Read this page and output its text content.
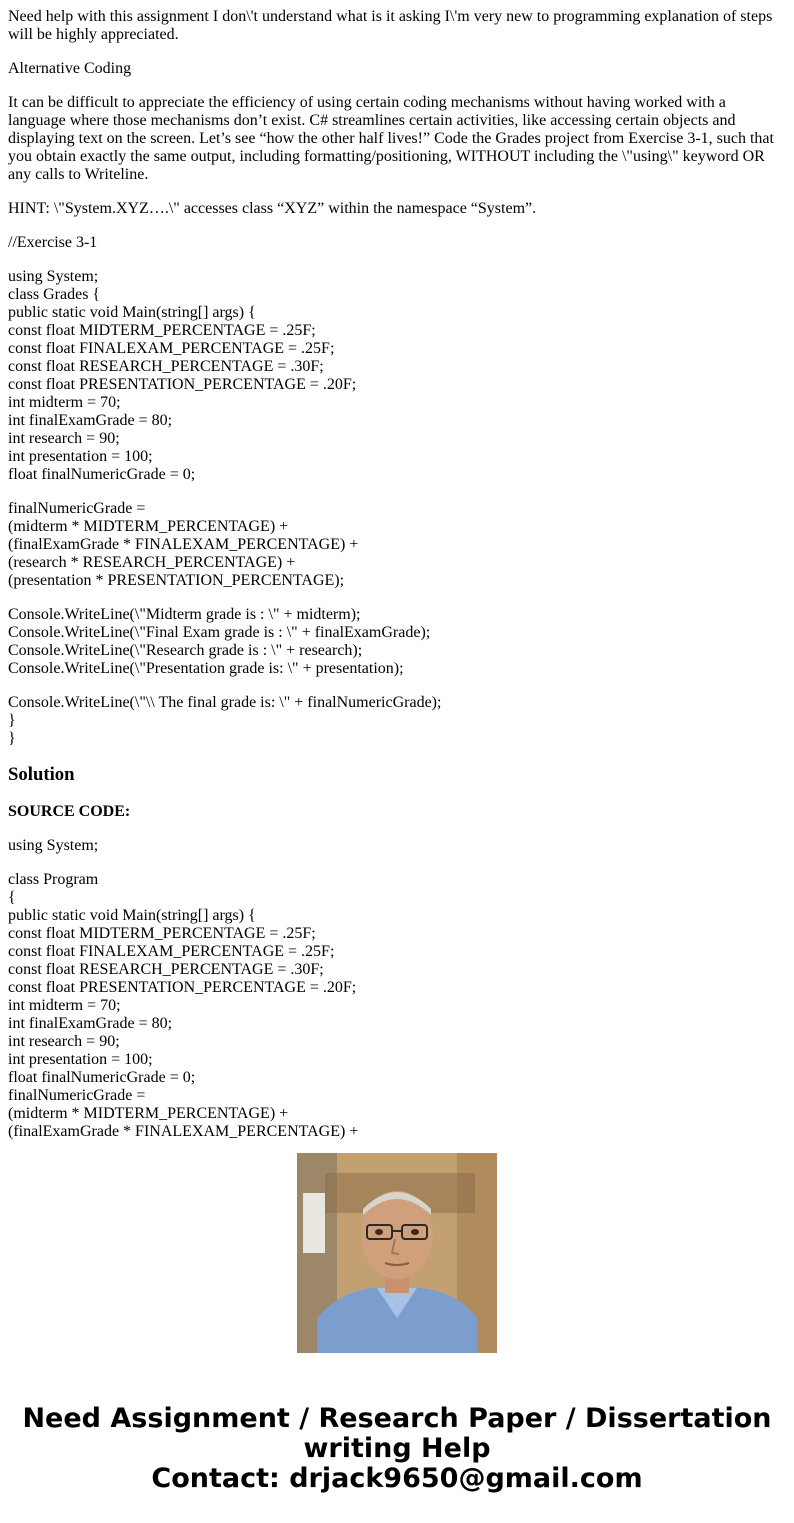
Need help with this assignment I don\'t understand what is it asking I\'m very new to programming explanation of steps will be highly appreciated.

Alternative Coding

It can be difficult to appreciate the efficiency of using certain coding mechanisms without having worked with a language where those mechanisms don’t exist. C# streamlines certain activities, like accessing certain objects and displaying text on the screen. Let’s see “how the other half lives!” Code the Grades project from Exercise 3-1, such that you obtain exactly the same output, including formatting/positioning, WITHOUT including the \"using\" keyword OR any calls to Writeline.

HINT: \"System.XYZ….\" accesses class “XYZ” within the namespace “System”.

//Exercise 3-1

using System;
class Grades {
public static void Main(string[] args) {
const float MIDTERM_PERCENTAGE = .25F;
const float FINALEXAM_PERCENTAGE = .25F;
const float RESEARCH_PERCENTAGE = .30F;
const float PRESENTATION_PERCENTAGE = .20F;
int midterm = 70;
int finalExamGrade = 80;
int research = 90;
int presentation = 100;
float finalNumericGrade = 0;

finalNumericGrade =
(midterm * MIDTERM_PERCENTAGE) +
(finalExamGrade * FINALEXAM_PERCENTAGE) +
(research * RESEARCH_PERCENTAGE) +
(presentation * PRESENTATION_PERCENTAGE);

Console.WriteLine(\"Midterm grade is : \" + midterm);
Console.WriteLine(\"Final Exam grade is : \" + finalExamGrade);
Console.WriteLine(\"Research grade is : \" + research);
Console.WriteLine(\"Presentation grade is: \" + presentation);

Console.WriteLine(\"\\ The final grade is: \" + finalNumericGrade);
}
}

Solution

SOURCE CODE:

using System;

class Program
{
public static void Main(string[] args) {
const float MIDTERM_PERCENTAGE = .25F;
const float FINALEXAM_PERCENTAGE = .25F;
const float RESEARCH_PERCENTAGE = .30F;
const float PRESENTATION_PERCENTAGE = .20F;
int midterm = 70;
int finalExamGrade = 80;
int research = 90;
int presentation = 100;
float finalNumericGrade = 0;
finalNumericGrade =
(midterm * MIDTERM_PERCENTAGE) +
(finalExamGrade * FINALEXAM_PERCENTAGE) +
Need Assignment / Research Paper / Dissertation
writing Help
Contact: drjack9650@gmail.com
